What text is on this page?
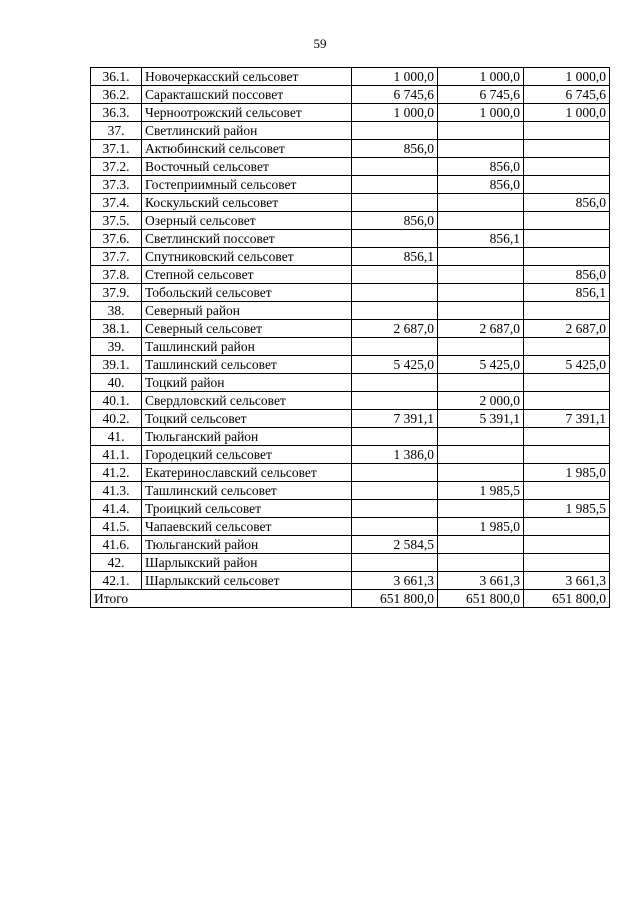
59
36.1.	Новочеркасский сельсовет	1 000,0	1 000,0	1 000,0
36.2.	Саракташский поссовет	6 745,6	6 745,6	6 745,6
36.3.	Черноотрожский сельсовет	1 000,0	1 000,0	1 000,0
37.	Светлинский район			
37.1.	Актюбинский сельсовет	856,0		
37.2.	Восточный сельсовет		856,0	
37.3.	Гостеприимный сельсовет		856,0	
37.4.	Коскульский сельсовет			856,0
37.5.	Озерный сельсовет	856,0		
37.6.	Светлинский поссовет		856,1	
37.7.	Спутниковский сельсовет	856,1		
37.8.	Степной сельсовет			856,0
37.9.	Тобольский сельсовет			856,1
38.	Северный район			
38.1.	Северный сельсовет	2 687,0	2 687,0	2 687,0
39.	Ташлинский район			
39.1.	Ташлинский сельсовет	5 425,0	5 425,0	5 425,0
40.	Тоцкий район			
40.1.	Свердловский сельсовет		2 000,0	
40.2.	Тоцкий сельсовет	7 391,1	5 391,1	7 391,1
41.	Тюльганский район			
41.1.	Городецкий сельсовет	1 386,0		
41.2.	Екатеринославский сельсовет			1 985,0
41.3.	Ташлинский сельсовет		1 985,5	
41.4.	Троицкий сельсовет			1 985,5
41.5.	Чапаевский сельсовет		1 985,0	
41.6.	Тюльганский район	2 584,5		
42.	Шарлыкский район			
42.1.	Шарлыкский сельсовет	3 661,3	3 661,3	3 661,3
Итого		651 800,0	651 800,0	651 800,0
